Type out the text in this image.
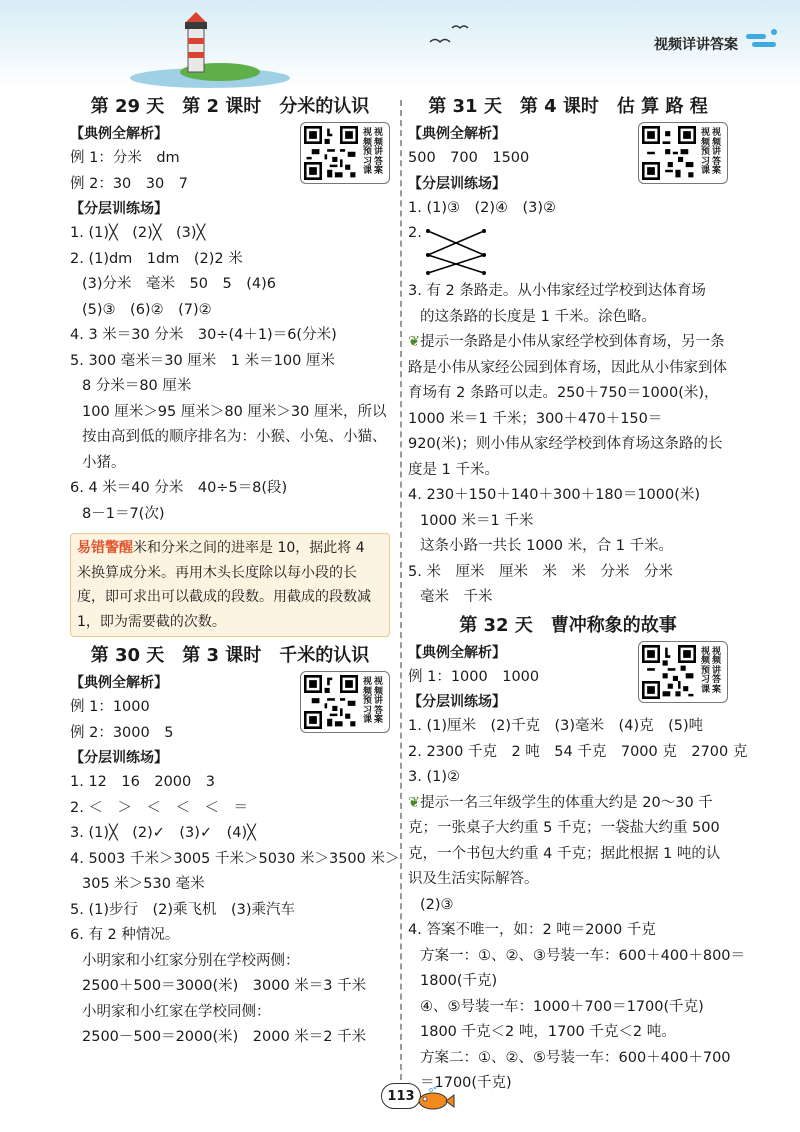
视频详讲答案
第 29 天　第 2 课时　分米的认识
视
频
预
习
课
视
频
讲
答
案
【典例全解析】
例 1：分米　dm
例 2：30　30　7
【分层训练场】
1. (1)╳　(2)╳　(3)╳
2. (1)dm　1dm　(2)2 米
(3)分米　毫米　50　5　(4)6
(5)③　(6)②　(7)②
4. 3 米＝30 分米　30÷(4＋1)＝6(分米)
5. 300 毫米＝30 厘米　1 米＝100 厘米
8 分米＝80 厘米
100 厘米＞95 厘米＞80 厘米＞30 厘米，所以
按由高到低的顺序排名为：小猴、小兔、小猫、
小猪。
6. 4 米＝40 分米　40÷5＝8(段)
8－1＝7(次)
易错警醒米和分米之间的进率是 10，据此将 4 米换算成分米。再用木头长度除以每小段的长度，即可求出可以截成的段数。用截成的段数减 1，即为需要截的次数。
第 30 天　第 3 课时　千米的认识
视
频
预
习
课
视
频
讲
答
案
【典例全解析】
例 1：1000
例 2：3000　5
【分层训练场】
1. 12　16　2000　3
2. ＜　＞　＜　＜　＜　＝
3. (1)╳　(2)✓　(3)✓　(4)╳
4. 5003 千米＞3005 千米＞5030 米＞3500 米＞
305 米＞530 毫米
5. (1)步行　(2)乘飞机　(3)乘汽车
6. 有 2 种情况。
小明家和小红家分别在学校两侧：
2500＋500＝3000(米)　3000 米＝3 千米
小明家和小红家在学校同侧：
2500－500＝2000(米)　2000 米＝2 千米
第 31 天　第 4 课时　估 算 路 程
视
频
预
习
课
视
频
讲
答
案
【典例全解析】
500　700　1500
【分层训练场】
1. (1)③　(2)④　(3)②
2.
3. 有 2 条路走。从小伟家经过学校到达体育场
的这条路的长度是 1 千米。涂色略。
❦提示一条路是小伟从家经学校到体育场，另一条路是小伟从家经公园到体育场，因此从小伟家到体育场有 2 条路可以走。250＋750＝1000(米)，1000 米＝1 千米；300＋470＋150＝920(米)；则小伟从家经学校到体育场这条路的长度是 1 千米。
4. 230＋150＋140＋300＋180＝1000(米)
1000 米＝1 千米
这条小路一共长 1000 米，合 1 千米。
5. 米　厘米　厘米　米　米　分米　分米
毫米　千米
第 32 天　曹冲称象的故事
视
频
预
习
课
视
频
讲
答
案
【典例全解析】
例 1：1000　1000
【分层训练场】
1. (1)厘米　(2)千克　(3)毫米　(4)克　(5)吨
2. 2300 千克　2 吨　54 千克　7000 克　2700 克
3. (1)②
❦提示一名三年级学生的体重大约是 20～30 千克；一张桌子大约重 5 千克；一袋盐大约重 500 克，一个书包大约重 4 千克；据此根据 1 吨的认识及生活实际解答。
(2)③
4. 答案不唯一，如：2 吨＝2000 千克
方案一：①、②、③号装一车：600＋400＋800＝
1800(千克)
④、⑤号装一车：1000＋700＝1700(千克)
1800 千克＜2 吨，1700 千克＜2 吨。
方案二：①、②、⑤号装一车：600＋400＋700
＝1700(千克)
113
